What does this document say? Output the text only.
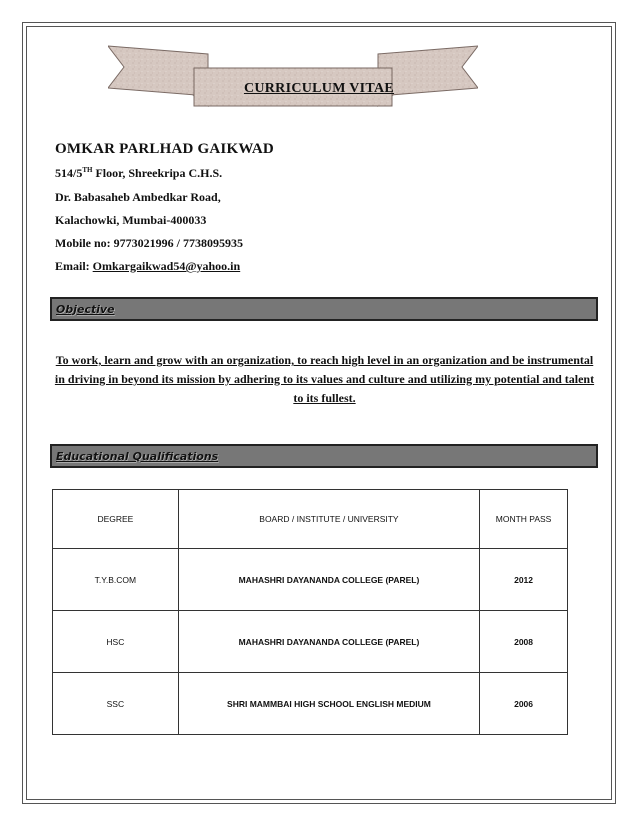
CURRICULUM VITAE
OMKAR PARLHAD GAIKWAD
514/5TH Floor, Shreekripa C.H.S.
Dr. Babasaheb Ambedkar Road,
Kalachowki, Mumbai-400033
Mobile no: 9773021996 / 7738095935
Email: Omkargaikwad54@yahoo.in
Objective
To work, learn and grow with an organization, to reach high level in an organization and be instrumental in driving in beyond its mission by adhering to its values and culture and utilizing my potential and talent to its fullest.
Educational Qualifications
DEGREE	BOARD / INSTITUTE / UNIVERSITY	MONTH PASS
T.Y.B.COM	MAHASHRI DAYANANDA COLLEGE (PAREL)	2012
HSC	MAHASHRI DAYANANDA COLLEGE (PAREL)	2008
SSC	SHRI MAMMBAI HIGH SCHOOL ENGLISH MEDIUM	2006
